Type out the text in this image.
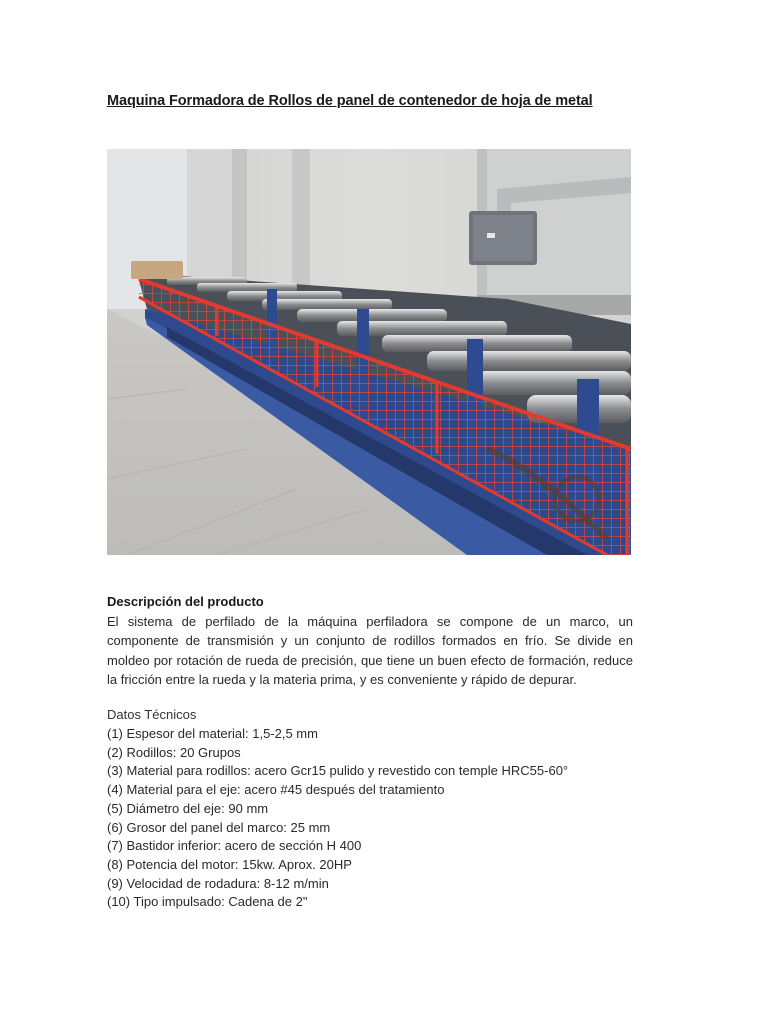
Maquina Formadora de Rollos de panel de contenedor de hoja de metal
Descripción del producto
El sistema de perfilado de la máquina perfiladora se compone de un marco, un componente de transmisión y un conjunto de rodillos formados en frío. Se divide en moldeo por rotación de rueda de precisión, que tiene un buen efecto de formación, reduce la fricción entre la rueda y la materia prima, y es conveniente y rápido de depurar.
Datos Técnicos
(1) Espesor del material: 1,5-2,5 mm
(2) Rodillos: 20 Grupos
(3) Material para rodillos: acero Gcr15 pulido y revestido con temple HRC55-60°
(4) Material para el eje: acero #45 después del tratamiento
(5) Diámetro del eje: 90 mm
(6) Grosor del panel del marco: 25 mm
(7) Bastidor inferior: acero de sección H 400
(8) Potencia del motor: 15kw. Aprox. 20HP
(9) Velocidad de rodadura: 8-12 m/min
(10) Tipo impulsado: Cadena de 2"
